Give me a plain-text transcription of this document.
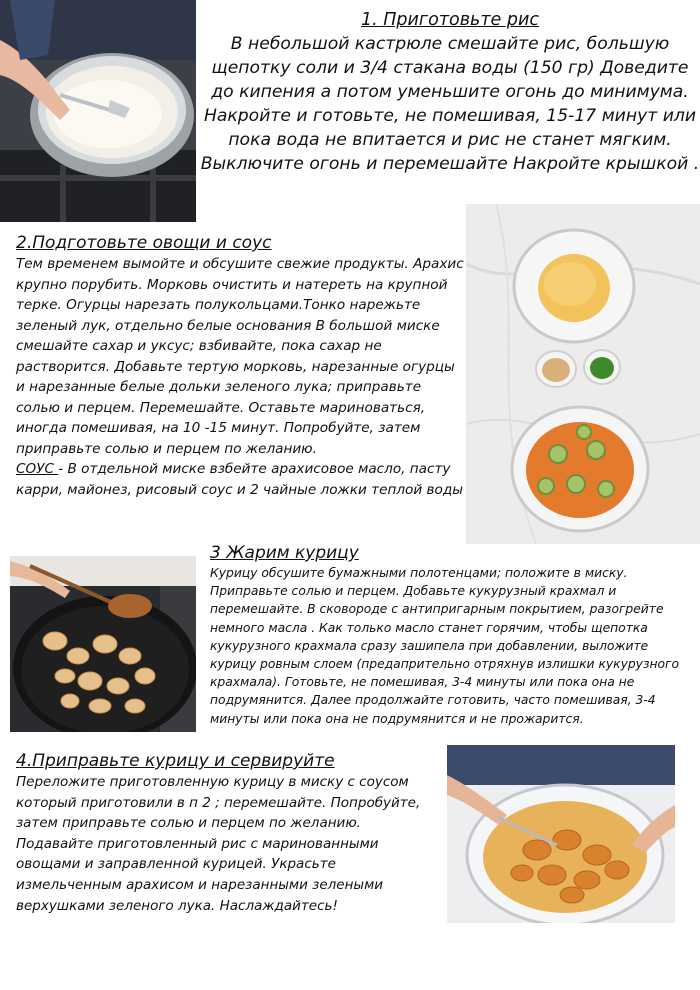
1. Приготовьте рис

В небольшой кастрюле смешайте рис, большую щепотку соли и 3/4 стакана воды (150 гр) Доведите до кипения а потом уменьшите огонь до минимума. Накройте и готовьте, не помешивая, 15-17 минут или пока вода не впитается и рис не станет мягким. Выключите огонь и перемешайте Накройте крышкой .

2.Подготовьте овощи и соус

Тем временем вымойте и обсушите свежие продукты. Арахис крупно порубить. Морковь очистить и натереть на крупной терке. Огурцы нарезать полукольцами.Тонко нарежьте зеленый лук, отдельно белые основания В большой миске смешайте сахар и уксус; взбивайте, пока сахар не растворится. Добавьте тертую морковь, нарезанные огурцы и нарезанные белые дольки зеленого лука; приправьте солью и перцем. Перемешайте. Оставьте мариноваться, иногда помешивая, на 10 -15 минут. Попробуйте, затем приправьте солью и перцем по желанию.
СОУС - В отдельной миске взбейте арахисовое масло, пасту карри, майонез, рисовый соус и 2 чайные ложки теплой воды

3 Жарим курицу

Курицу обсушите бумажными полотенцами; положите в миску. Приправьте солью и перцем. Добавьте кукурузный крахмал и перемешайте. В сковороде с антипригарным покрытием, разогрейте немного масла . Как только масло станет горячим, чтобы щепотка кукурузного крахмала сразу зашипела при добавлении, выложите курицу ровным слоем (предапрительно отряхнув излишки кукурузного крахмала). Готовьте, не помешивая, 3-4 минуты или пока она не подрумянится. Далее продолжайте готовить, часто помешивая, 3-4 минуты или пока она не подрумянится и не прожарится.

4.Приправьте курицу и сервируйте

Переложите приготовленную курицу в миску с соусом который приготовили в п 2 ; перемешайте. Попробуйте, затем приправьте солью и перцем по желанию. Подавайте приготовленный рис с маринованными овощами и заправленной курицей. Украсьте измельченным арахисом и нарезанными зелеными верхушками зеленого лука. Наслаждайтесь!
